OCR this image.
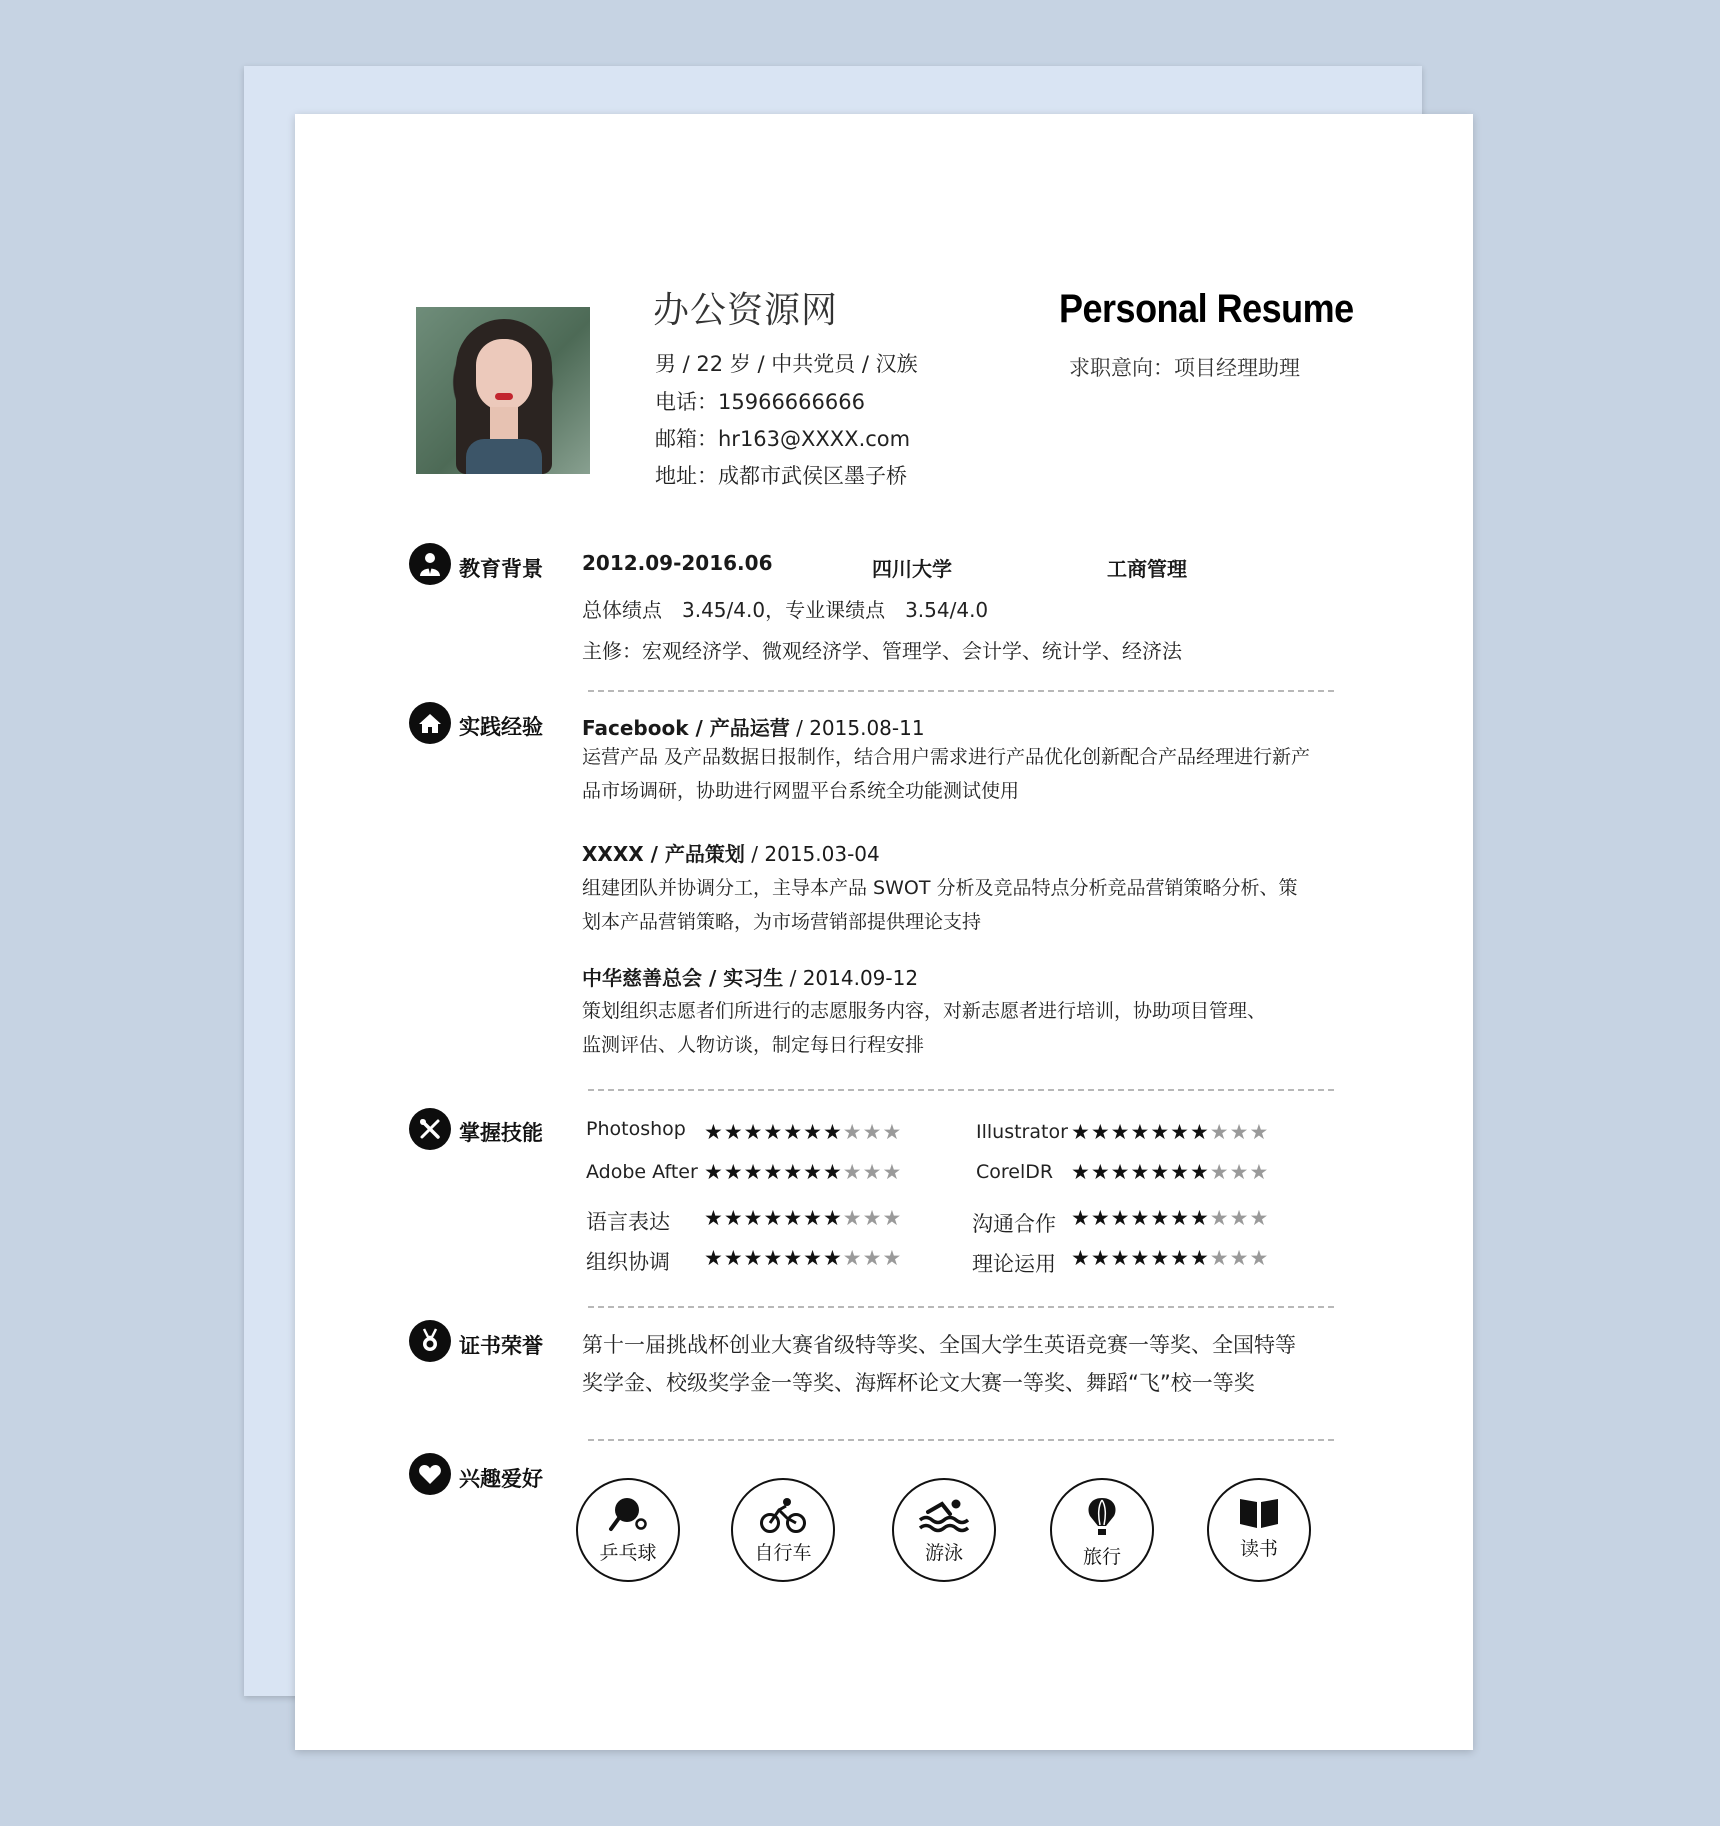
办公资源网
男 / 22 岁 / 中共党员 / 汉族
电话：15966666666
邮箱：hr163@XXXX.com
地址：成都市武侯区墨子桥
Personal Resume
求职意向：项目经理助理
教育背景 2012.09-2016.06	四川大学	工商管理
总体绩点　3.45/4.0，专业课绩点　3.54/4.0
主修：宏观经济学、微观经济学、管理学、会计学、统计学、经济法
实践经验 Facebook / 产品运营 / 2015.08-11
运营产品 及产品数据日报制作，结合用户需求进行产品优化创新配合产品经理进行新产
品市场调研，协助进行网盟平台系统全功能测试使用
XXXX / 产品策划 / 2015.03-04
组建团队并协调分工，主导本产品 SWOT 分析及竞品特点分析竞品营销策略分析、策
划本产品营销策略，为市场营销部提供理论支持
中华慈善总会 / 实习生 / 2014.09-12
策划组织志愿者们所进行的志愿服务内容，对新志愿者进行培训，协助项目管理、
监测评估、人物访谈，制定每日行程安排
掌握技能 Photoshop ★★★★★★★★★★	Illustrator ★★★★★★★★★★
Adobe After ★★★★★★★★★★	CorelDR ★★★★★★★★★★
语言表达 ★★★★★★★★★★	沟通合作 ★★★★★★★★★★
组织协调 ★★★★★★★★★★	理论运用 ★★★★★★★★★★
证书荣誉 第十一届挑战杯创业大赛省级特等奖、全国大学生英语竞赛一等奖、全国特等
奖学金、校级奖学金一等奖、海辉杯论文大赛一等奖、舞蹈“飞”校一等奖
兴趣爱好
乒乓球	自行车	游泳	旅行	读书
